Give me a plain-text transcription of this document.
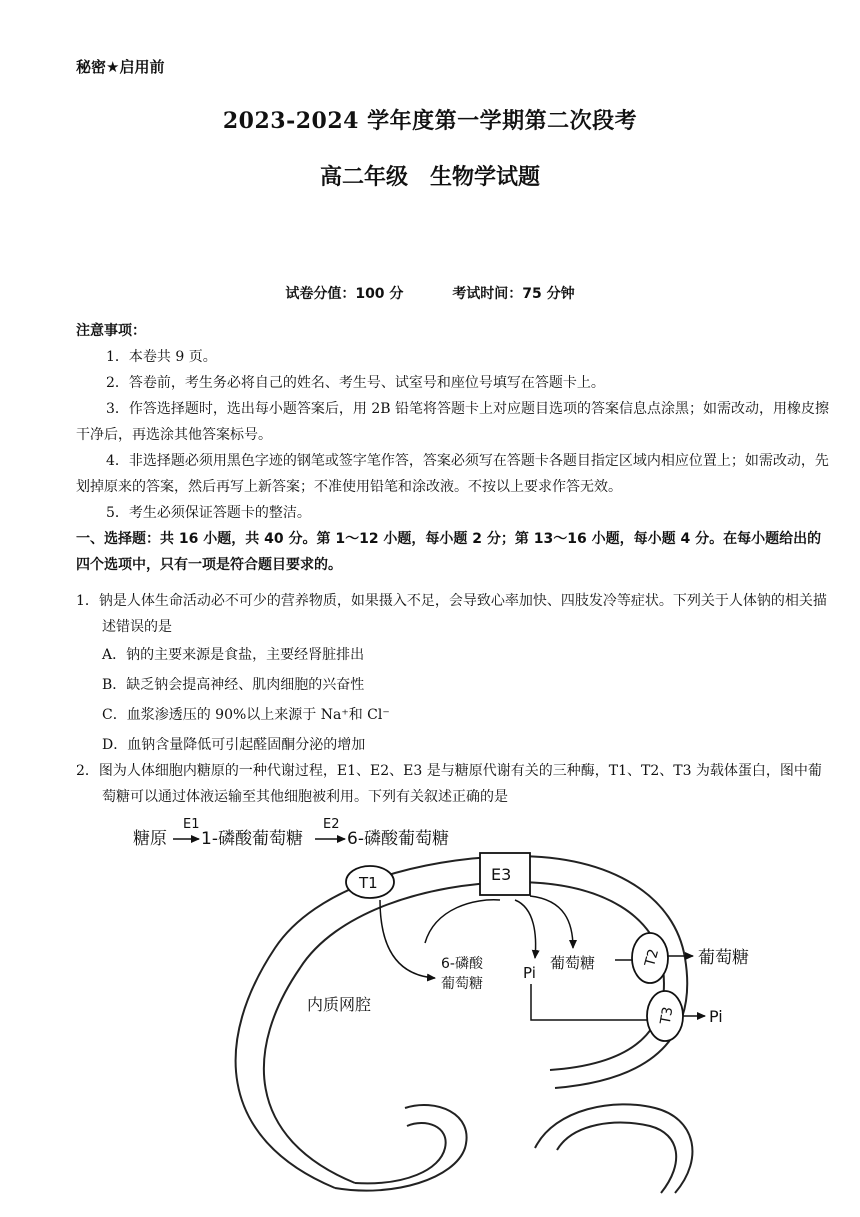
秘密★启用前
2023-2024 学年度第一学期第二次段考
高二年级　生物学试题
试卷分值：100 分	考试时间：75 分钟
注意事项：

1．本卷共 9 页。

2．答卷前，考生务必将自己的姓名、考生号、试室号和座位号填写在答题卡上。

3．作答选择题时，选出每小题答案后，用 2B 铅笔将答题卡上对应题目选项的答案信息点涂黑；如需改动，用橡皮擦干净后，再选涂其他答案标号。

4．非选择题必须用黑色字迹的钢笔或签字笔作答，答案必须写在答题卡各题目指定区域内相应位置上；如需改动，先划掉原来的答案，然后再写上新答案；不准使用铅笔和涂改液。不按以上要求作答无效。

5．考生必须保证答题卡的整洁。

一、选择题：共 16 小题，共 40 分。第 1～12 小题，每小题 2 分；第 13～16 小题，每小题 4 分。在每小题给出的四个选项中，只有一项是符合题目要求的。
1．钠是人体生命活动必不可少的营养物质，如果摄入不足，会导致心率加快、四肢发冷等症状。下列关于人体钠的相关描述错误的是
A．钠的主要来源是食盐，主要经肾脏排出
B．缺乏钠会提高神经、肌肉细胞的兴奋性
C．血浆渗透压的 90%以上来源于 Na⁺和 Cl⁻
D．血钠含量降低可引起醛固酮分泌的增加
2．图为人体细胞内糖原的一种代谢过程，E1、E2、E3 是与糖原代谢有关的三种酶，T1、T2、T3 为载体蛋白，图中葡萄糖可以通过体液运输至其他细胞被利用。下列有关叙述正确的是
糖原
E1
1-磷酸葡萄糖
E2
6-磷酸葡萄糖
T1	E3
6-磷酸
葡萄糖
Pi
葡萄糖
内质网腔
T2 葡萄糖
T3 Pi
